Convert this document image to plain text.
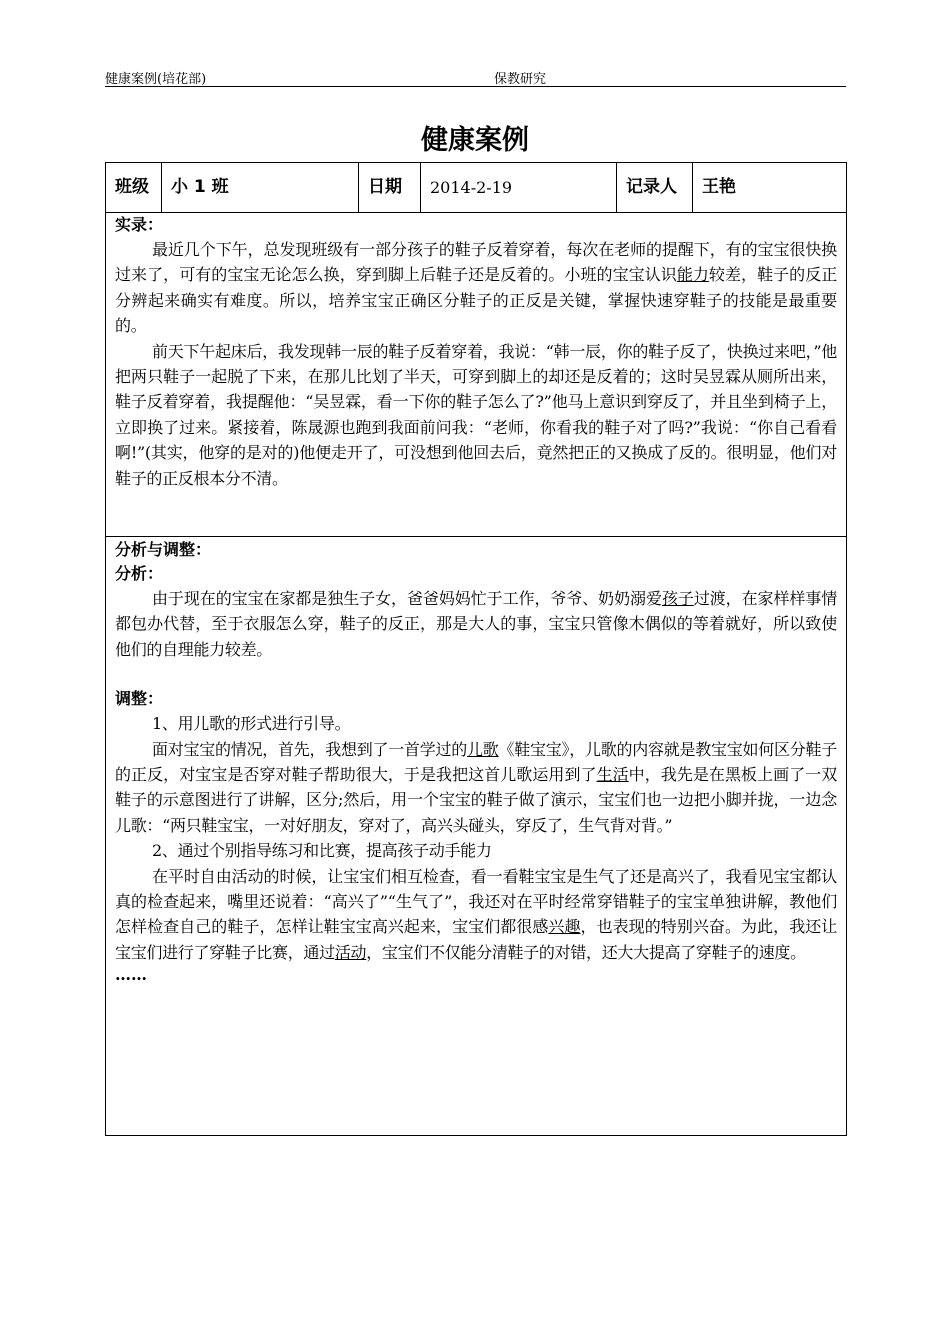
健康案例(培花部)	保教研究
健康案例
班级	小 1 班	日期	2014-2-19	记录人	王艳
实录：

最近几个下午，总发现班级有一部分孩子的鞋子反着穿着，每次在老师的提醒下，有的宝宝很快换过来了，可有的宝宝无论怎么换，穿到脚上后鞋子还是反着的。小班的宝宝认识能力较差，鞋子的反正分辨起来确实有难度。所以，培养宝宝正确区分鞋子的正反是关键，掌握快速穿鞋子的技能是最重要的。

前天下午起床后，我发现韩一辰的鞋子反着穿着，我说：“韩一辰，你的鞋子反了，快换过来吧，”他把两只鞋子一起脱了下来，在那儿比划了半天，可穿到脚上的却还是反着的；这时吴昱霖从厕所出来，鞋子反着穿着，我提醒他：“吴昱霖，看一下你的鞋子怎么了?”他马上意识到穿反了，并且坐到椅子上，立即换了过来。紧接着，陈晟源也跑到我面前问我：“老师，你看我的鞋子对了吗?”我说：“你自己看看啊!”(其实，他穿的是对的)他便走开了，可没想到他回去后，竟然把正的又换成了反的。很明显，他们对鞋子的正反根本分不清。

分析与调整：
分析：

由于现在的宝宝在家都是独生子女，爸爸妈妈忙于工作，爷爷、奶奶溺爱孩子过渡，在家样样事情都包办代替，至于衣服怎么穿，鞋子的反正，那是大人的事，宝宝只管像木偶似的等着就好，所以致使他们的自理能力较差。

调整：

1、用儿歌的形式进行引导。

面对宝宝的情况，首先，我想到了一首学过的儿歌《鞋宝宝》，儿歌的内容就是教宝宝如何区分鞋子的正反，对宝宝是否穿对鞋子帮助很大，于是我把这首儿歌运用到了生活中，我先是在黑板上画了一双鞋子的示意图进行了讲解，区分;然后，用一个宝宝的鞋子做了演示，宝宝们也一边把小脚并拢，一边念儿歌：“两只鞋宝宝，一对好朋友，穿对了，高兴头碰头，穿反了，生气背对背。”

2、通过个别指导练习和比赛，提高孩子动手能力

在平时自由活动的时候，让宝宝们相互检查，看一看鞋宝宝是生气了还是高兴了，我看见宝宝都认真的检查起来，嘴里还说着：“高兴了”“生气了”，我还对在平时经常穿错鞋子的宝宝单独讲解，教他们怎样检查自己的鞋子，怎样让鞋宝宝高兴起来，宝宝们都很感兴趣，也表现的特别兴奋。为此，我还让宝宝们进行了穿鞋子比赛，通过活动，宝宝们不仅能分清鞋子的对错，还大大提高了穿鞋子的速度。

……
